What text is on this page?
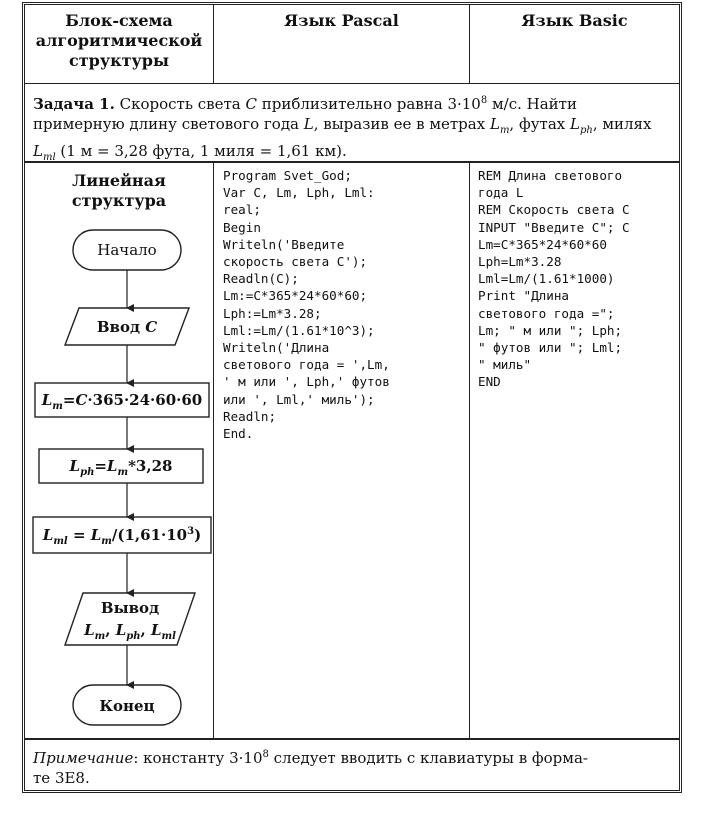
Блок-схема
алгоритмической
структуры
Язык Pascal	Язык Basic
Задача 1. Скорость света C приблизительно равна $3\cdot 10^8$ м/с. Найти примерную длину светового года L, выразив ее в метрах $L_m$, футах $L_{ph}$, милях $L_{ml}$ (1 м = 3,28 фута, 1 миля = 1,61 км).
Линейная
структура
Начало
Ввод C
$L_m=C\cdot 365\cdot 24\cdot 60\cdot 60$
$L_{ph}=L_m*3,28$
$L_{ml} = L_m/(1,61\cdot 10^3)$
Вывод
$L_m$, $L_{ph}$, $L_{ml}$
Конец
Program Svet_God;
Var C, Lm, Lph, Lml:
real;
Begin
Writeln('Введите
скорость света C');
Readln(C);
Lm:=C*365*24*60*60;
Lph:=Lm*3.28;
Lml:=Lm/(1.61*10^3);
Writeln('Длина
светового года = ',Lm,
' м или ', Lph,' футов
или ', Lml,' миль');
Readln;
End.
REM Длина светового
года L
REM Скорость света C
INPUT "Введите C"; C
Lm=C*365*24*60*60
Lph=Lm*3.28
Lml=Lm/(1.61*1000)
Print "Длина
светового года =";
Lm; " м или "; Lph;
" футов или "; Lml;
" миль"
END
Примечание: константу $3\cdot 10^8$ следует вводить с клавиатуры в форма-
те 3E8.
